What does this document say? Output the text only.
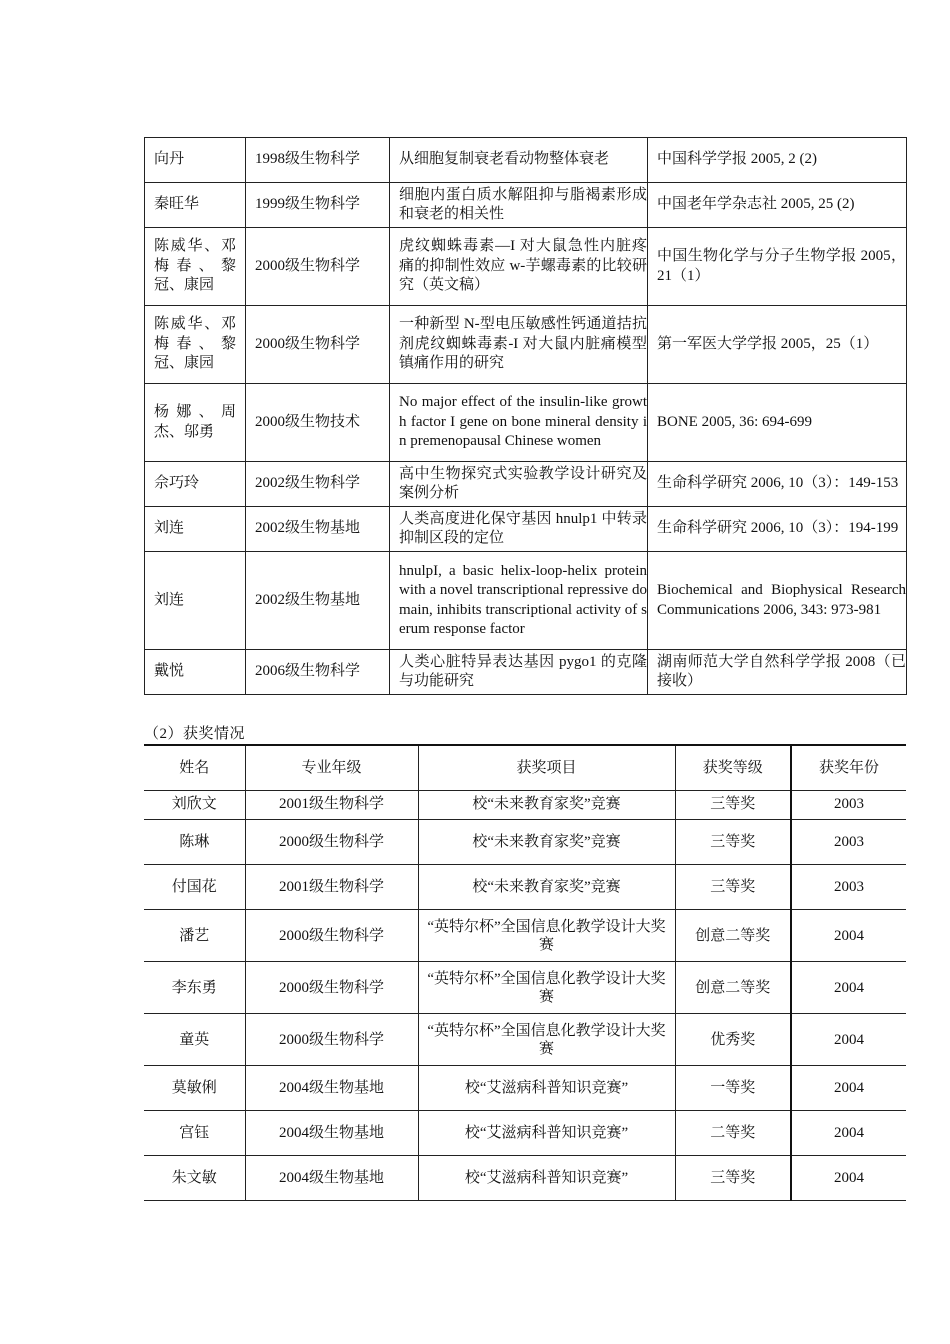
向丹	1998级生物科学	从细胞复制衰老看动物整体衰老	中国科学学报 2005, 2 (2)
秦旺华	1999级生物科学	细胞内蛋白质水解阻抑与脂褐素形成和衰老的相关性	中国老年学杂志社 2005, 25 (2)
陈威华、邓梅春、黎冠、康园	2000级生物科学	虎纹蜘蛛毒素—I 对大鼠急性内脏疼痛的抑制性效应 w-芋螺毒素的比较研究（英文稿）	中国生物化学与分子生物学报 2005，21（1）
陈威华、邓梅春、黎冠、康园	2000级生物科学	一种新型 N-型电压敏感性钙通道拮抗剂虎纹蜘蛛毒素-I 对大鼠内脏痛模型镇痛作用的研究	第一军医大学学报 2005，25（1）
杨娜、周杰、邬勇	2000级生物技术	No major effect of the insulin-like growth factor I gene on bone mineral density in premenopausal Chinese women	BONE 2005, 36: 694-699
佘巧玲	2002级生物科学	高中生物探究式实验教学设计研究及案例分析	生命科学研究 2006, 10（3）：149-153
刘连	2002级生物基地	人类高度进化保守基因 hnulp1 中转录抑制区段的定位	生命科学研究 2006, 10（3）：194-199
刘连	2002级生物基地	hnulpI, a basic helix-loop-helix protein with a novel transcriptional repressive domain, inhibits transcriptional activity of serum response factor	Biochemical and Biophysical Research Communications 2006, 343: 973-981
戴悦	2006级生物科学	人类心脏特异表达基因 pygo1 的克隆与功能研究	湖南师范大学自然科学学报 2008（已接收）
（2）获奖情况
姓名	专业年级	获奖项目	获奖等级	获奖年份
刘欣文	2001级生物科学	校“未来教育家奖”竞赛	三等奖	2003
陈琳	2000级生物科学	校“未来教育家奖”竞赛	三等奖	2003
付国花	2001级生物科学	校“未来教育家奖”竞赛	三等奖	2003
潘艺	2000级生物科学	“英特尔杯”全国信息化教学设计大奖赛	创意二等奖	2004
李东勇	2000级生物科学	“英特尔杯”全国信息化教学设计大奖赛	创意二等奖	2004
童英	2000级生物科学	“英特尔杯”全国信息化教学设计大奖赛	优秀奖	2004
莫敏俐	2004级生物基地	校“艾滋病科普知识竞赛”	一等奖	2004
宫钰	2004级生物基地	校“艾滋病科普知识竞赛”	二等奖	2004
朱文敏	2004级生物基地	校“艾滋病科普知识竞赛”	三等奖	2004
